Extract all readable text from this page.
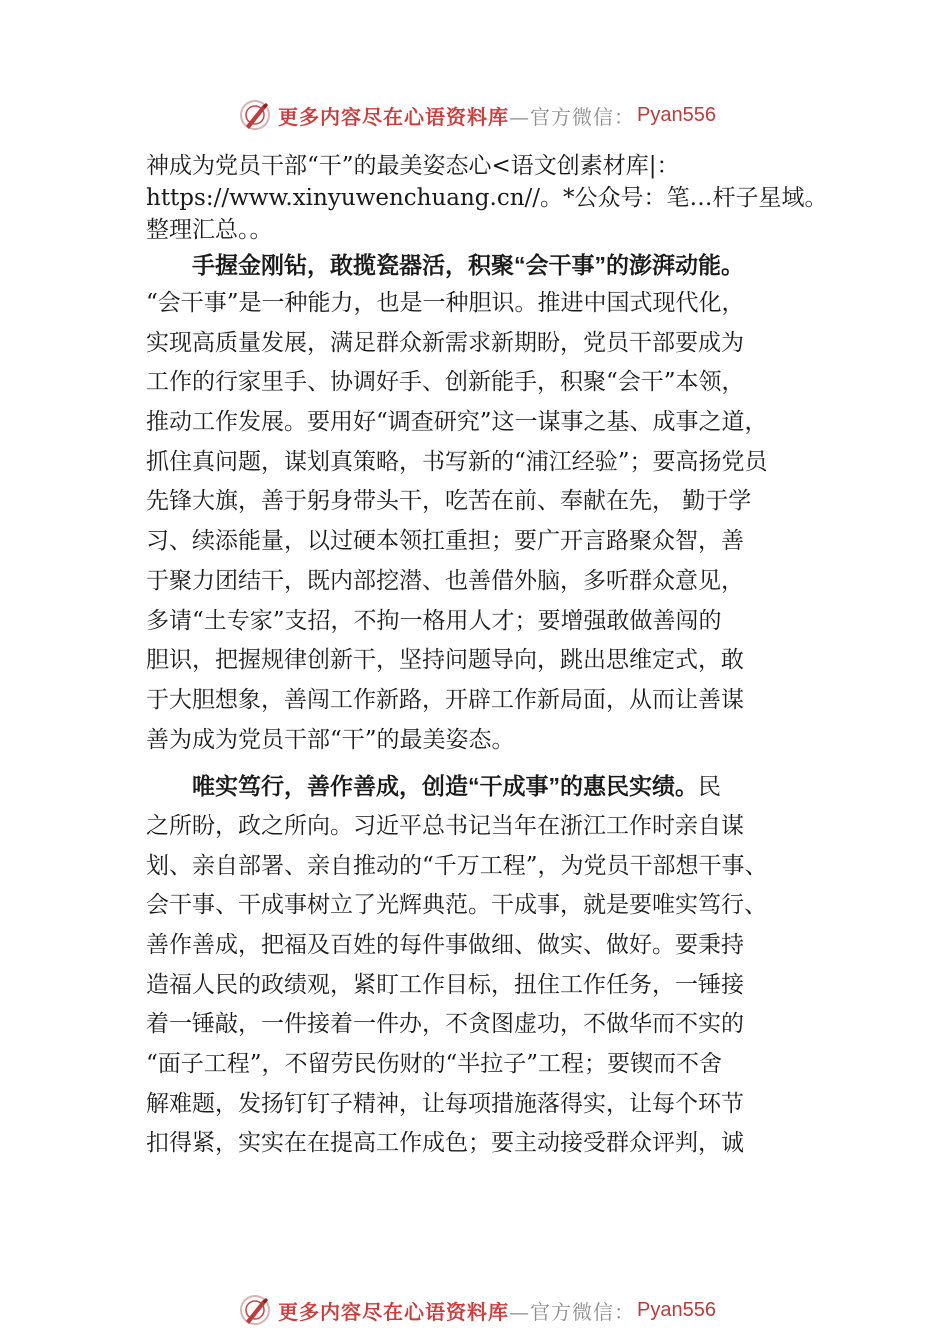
更多内容尽在心语资料库 —官方微信： Pyan556
神成为党员干部“干”的最美姿态心<语文创素材库|：
https://www.xinyuwenchuang.cn//。*公众号：笔…杆子星域。
整理汇总。。
手握金刚钻，敢揽瓷器活，积聚“会干事”的澎湃动能。
“会干事”是一种能力，也是一种胆识。推进中国式现代化，
实现高质量发展，满足群众新需求新期盼，党员干部要成为
工作的行家里手、协调好手、创新能手，积聚“会干”本领，
推动工作发展。要用好“调查研究”这一谋事之基、成事之道，
抓住真问题，谋划真策略，书写新的“浦江经验”；要高扬党员
先锋大旗，善于躬身带头干，吃苦在前、奉献在先， 勤于学
习、续添能量，以过硬本领扛重担；要广开言路聚众智，善
于聚力团结干，既内部挖潜、也善借外脑，多听群众意见，
多请“土专家”支招，不拘一格用人才；要增强敢做善闯的
胆识，把握规律创新干，坚持问题导向，跳出思维定式，敢
于大胆想象，善闯工作新路，开辟工作新局面，从而让善谋
善为成为党员干部“干”的最美姿态。
唯实笃行，善作善成，创造“干成事”的惠民实绩。民
之所盼，政之所向。习近平总书记当年在浙江工作时亲自谋
划、亲自部署、亲自推动的“千万工程”，为党员干部想干事、
会干事、干成事树立了光辉典范。干成事，就是要唯实笃行、
善作善成，把福及百姓的每件事做细、做实、做好。要秉持
造福人民的政绩观，紧盯工作目标，扭住工作任务，一锤接
着一锤敲，一件接着一件办，不贪图虚功，不做华而不实的
“面子工程”，不留劳民伤财的“半拉子”工程；要锲而不舍
解难题，发扬钉钉子精神，让每项措施落得实，让每个环节
扣得紧，实实在在提高工作成色；要主动接受群众评判，诚
更多内容尽在心语资料库 —官方微信： Pyan556
